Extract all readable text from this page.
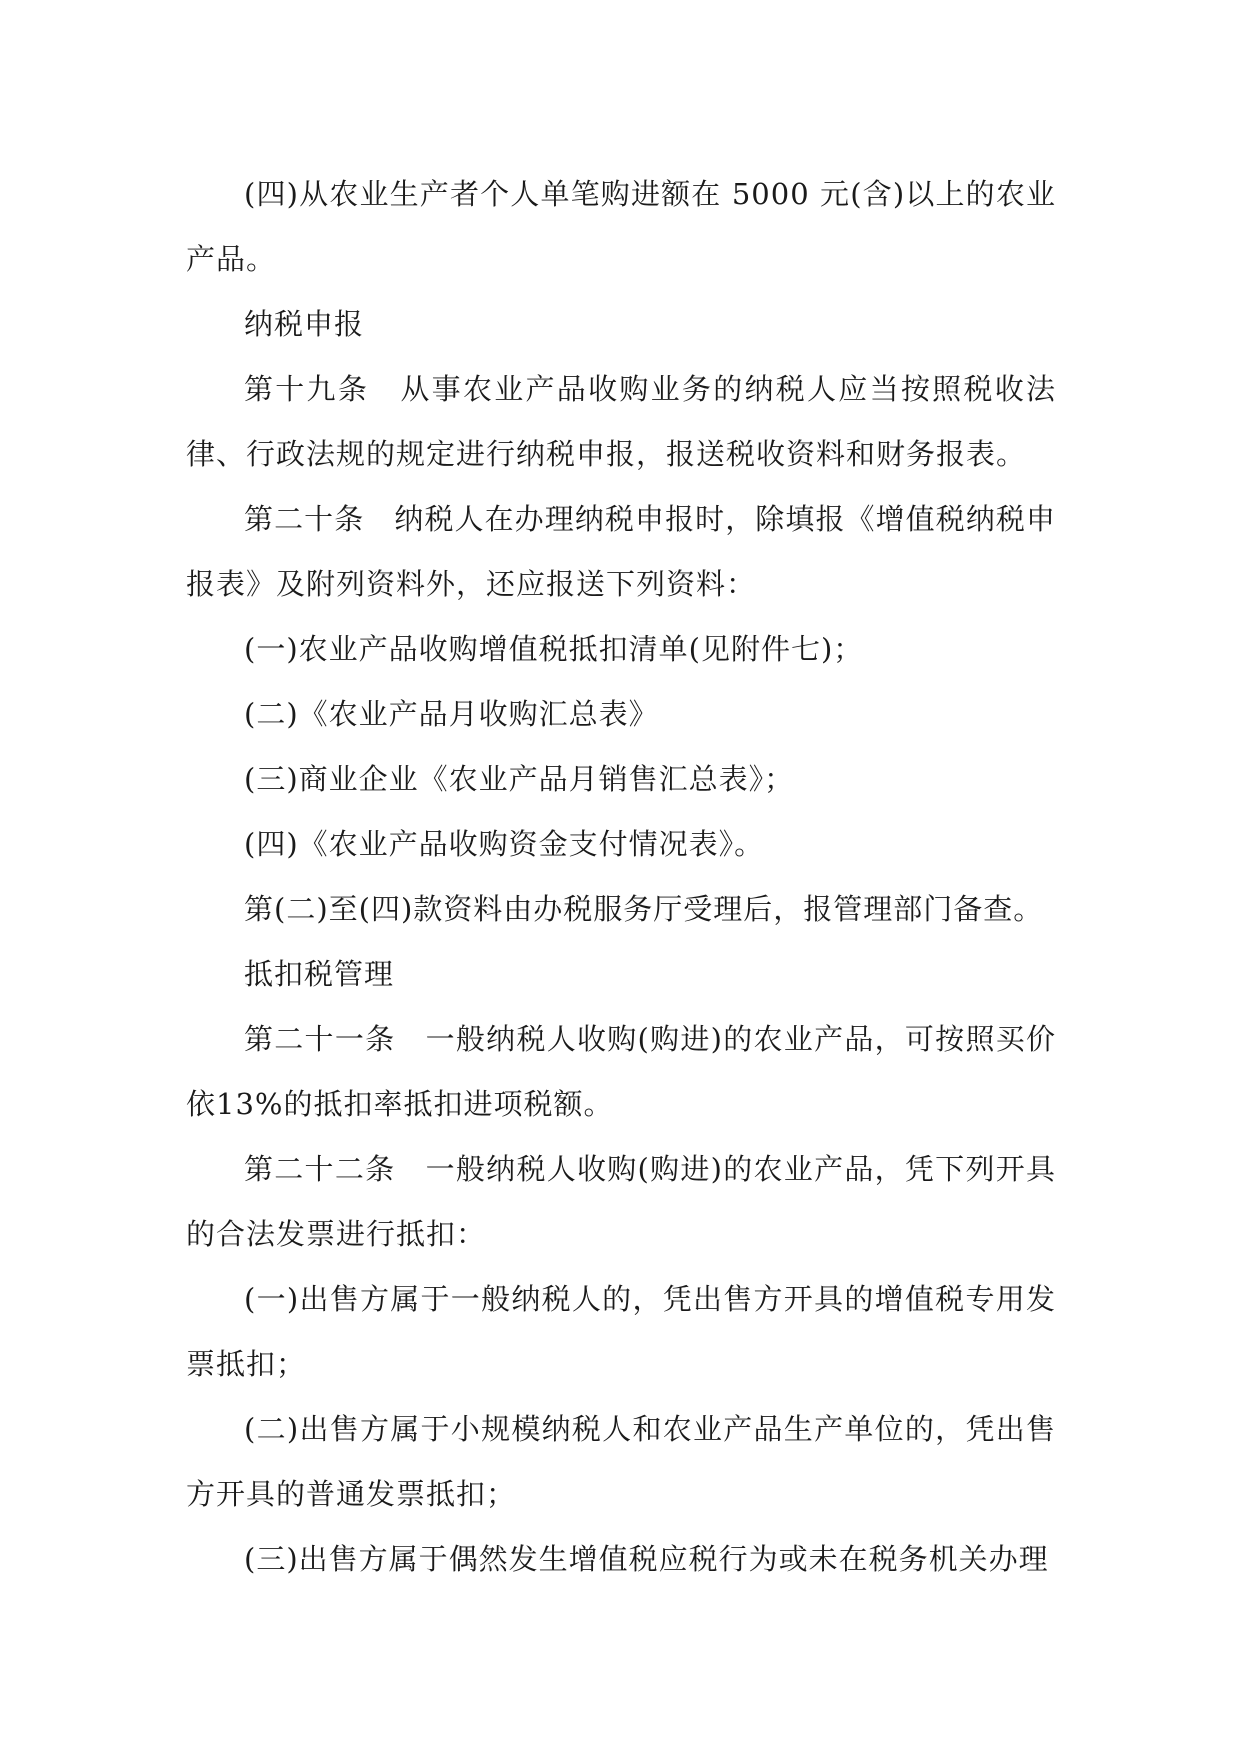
(四)从农业生产者个人单笔购进额在 5000 元(含)以上的农业产品。

纳税申报

第十九条　从事农业产品收购业务的纳税人应当按照税收法律、行政法规的规定进行纳税申报，报送税收资料和财务报表。

第二十条　纳税人在办理纳税申报时，除填报《增值税纳税申报表》及附列资料外，还应报送下列资料：

(一)农业产品收购增值税抵扣清单(见附件七)；

(二)《农业产品月收购汇总表》

(三)商业企业《农业产品月销售汇总表》；

(四)《农业产品收购资金支付情况表》。

第(二)至(四)款资料由办税服务厅受理后，报管理部门备查。

抵扣税管理

第二十一条　一般纳税人收购(购进)的农业产品，可按照买价依13%的抵扣率抵扣进项税额。

第二十二条　一般纳税人收购(购进)的农业产品，凭下列开具的合法发票进行抵扣：

(一)出售方属于一般纳税人的，凭出售方开具的增值税专用发票抵扣；

(二)出售方属于小规模纳税人和农业产品生产单位的，凭出售方开具的普通发票抵扣；

(三)出售方属于偶然发生增值税应税行为或未在税务机关办理
